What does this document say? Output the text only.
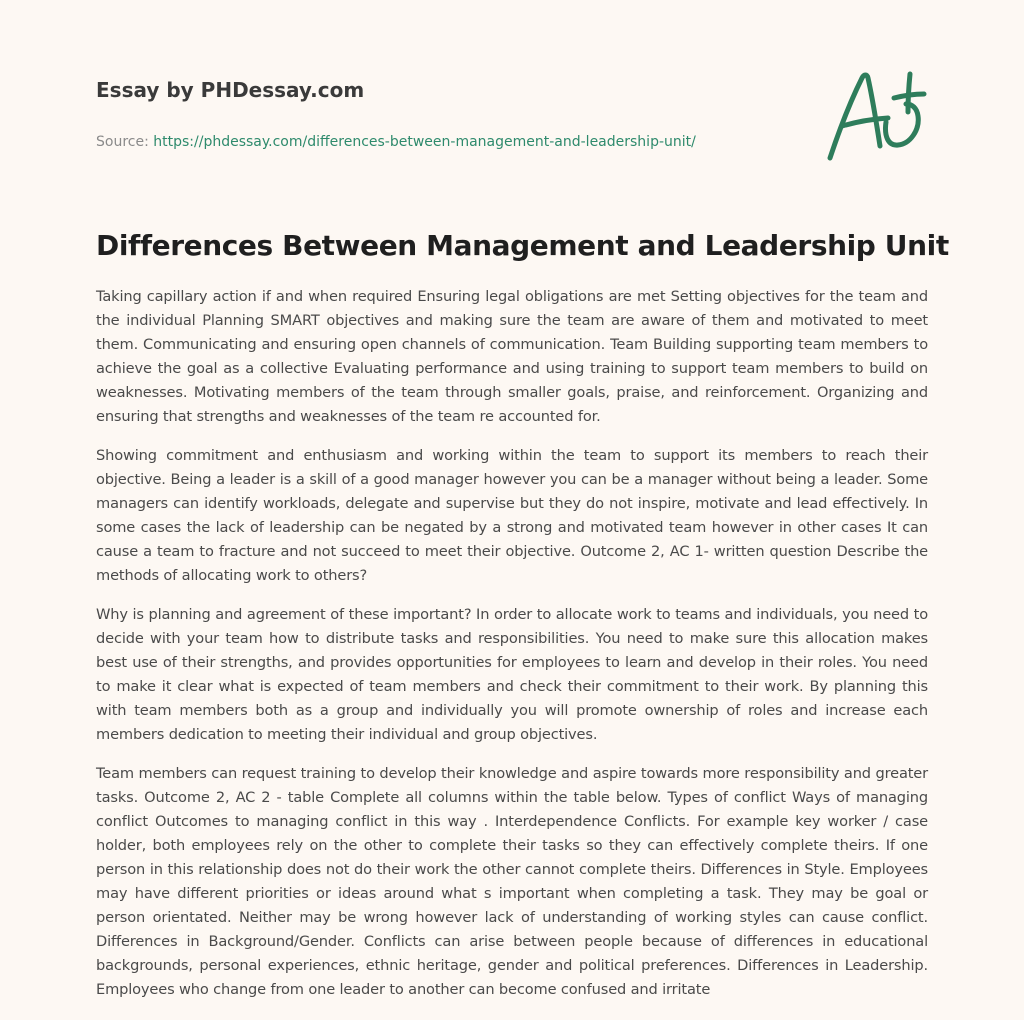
Essay by PHDessay.com
Source: https://phdessay.com/differences-between-management-and-leadership-unit/
Differences Between Management and Leadership Unit

Taking capillary action if and when required Ensuring legal obligations are met Setting objectives for the team and the individual Planning SMART objectives and making sure the team are aware of them and motivated to meet them. Communicating and ensuring open channels of communication. Team Building supporting team members to achieve the goal as a collective Evaluating performance and using training to support team members to build on weaknesses. Motivating members of the team through smaller goals, praise, and reinforcement. Organizing and ensuring that strengths and weaknesses of the team re accounted for.

Showing commitment and enthusiasm and working within the team to support its members to reach their objective. Being a leader is a skill of a good manager however you can be a manager without being a leader. Some managers can identify workloads, delegate and supervise but they do not inspire, motivate and lead effectively. In some cases the lack of leadership can be negated by a strong and motivated team however in other cases It can cause a team to fracture and not succeed to meet their objective. Outcome 2, AC 1- written question Describe the methods of allocating work to others?

Why is planning and agreement of these important? In order to allocate work to teams and individuals, you need to decide with your team how to distribute tasks and responsibilities. You need to make sure this allocation makes best use of their strengths, and provides opportunities for employees to learn and develop in their roles. You need to make it clear what is expected of team members and check their commitment to their work. By planning this with team members both as a group and individually you will promote ownership of roles and increase each members dedication to meeting their individual and group objectives.

Team members can request training to develop their knowledge and aspire towards more responsibility and greater tasks. Outcome 2, AC 2 - table Complete all columns within the table below. Types of conflict Ways of managing conflict Outcomes to managing conflict in this way . Interdependence Conflicts. For example key worker / case holder, both employees rely on the other to complete their tasks so they can effectively complete theirs. If one person in this relationship does not do their work the other cannot complete theirs. Differences in Style. Employees may have different priorities or ideas around what s important when completing a task. They may be goal or person orientated. Neither may be wrong however lack of understanding of working styles can cause conflict. Differences in Background/Gender. Conflicts can arise between people because of differences in educational backgrounds, personal experiences, ethnic heritage, gender and political preferences. Differences in Leadership. Employees who change from one leader to another can become confused and irritate
